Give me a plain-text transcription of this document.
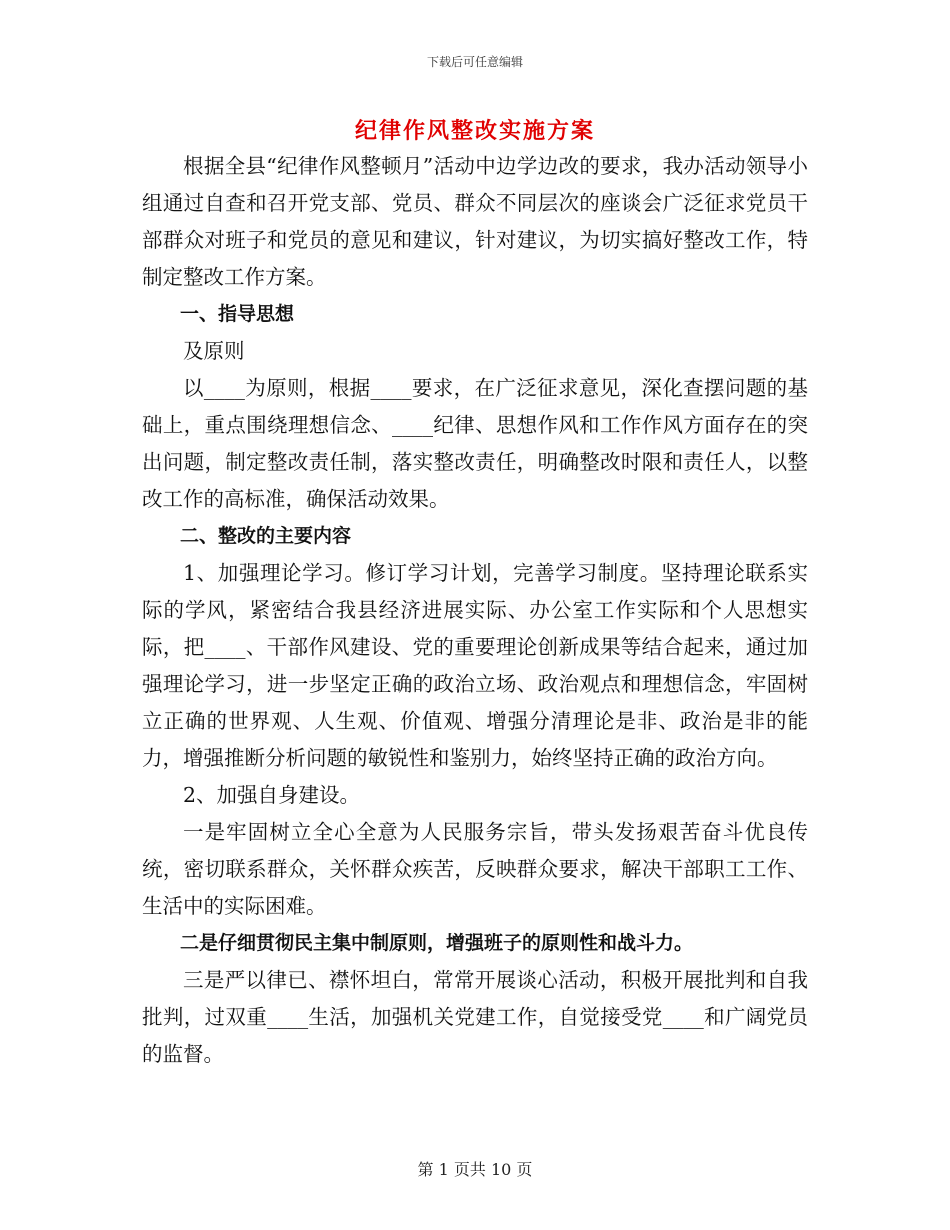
下载后可任意编辑
纪律作风整改实施方案

根据全县“纪律作风整顿月”活动中边学边改的要求，我办活动领导小组通过自查和召开党支部、党员、群众不同层次的座谈会广泛征求党员干部群众对班子和党员的意见和建议，针对建议，为切实搞好整改工作，特制定整改工作方案。

一、指导思想

及原则

以____为原则，根据____要求，在广泛征求意见，深化查摆问题的基础上，重点围绕理想信念、____纪律、思想作风和工作作风方面存在的突出问题，制定整改责任制，落实整改责任，明确整改时限和责任人，以整改工作的高标准，确保活动效果。

二、整改的主要内容

1、加强理论学习。修订学习计划，完善学习制度。坚持理论联系实际的学风，紧密结合我县经济进展实际、办公室工作实际和个人思想实际，把____、干部作风建设、党的重要理论创新成果等结合起来，通过加强理论学习，进一步坚定正确的政治立场、政治观点和理想信念，牢固树立正确的世界观、人生观、价值观、增强分清理论是非、政治是非的能力，增强推断分析问题的敏锐性和鉴别力，始终坚持正确的政治方向。

2、加强自身建设。

一是牢固树立全心全意为人民服务宗旨，带头发扬艰苦奋斗优良传统，密切联系群众，关怀群众疾苦，反映群众要求，解决干部职工工作、生活中的实际困难。

二是仔细贯彻民主集中制原则，增强班子的原则性和战斗力。

三是严以律已、襟怀坦白，常常开展谈心活动，积极开展批判和自我批判，过双重____生活，加强机关党建工作，自觉接受党____和广阔党员的监督。

第 1 页共 10 页
